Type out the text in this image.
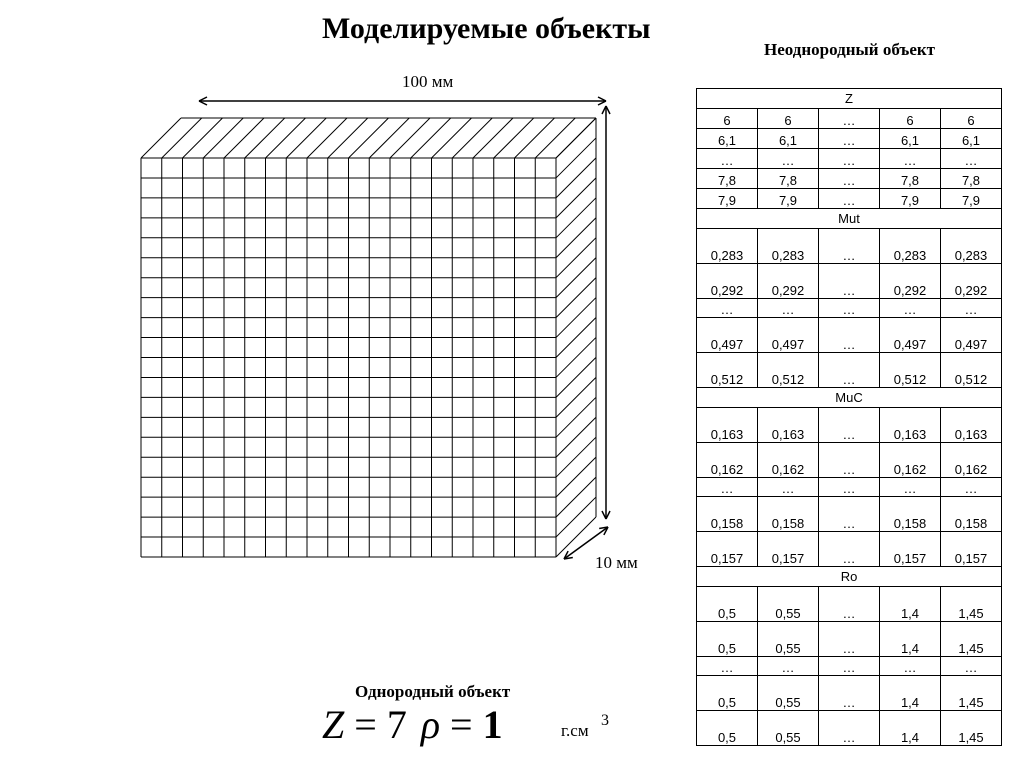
Моделируемые объекты
Неоднородный объект
100 мм
10 мм
Однородный объект
Z = 7 ρ = 1	г.см
3
Z				
6	6	…	6	6
6,1	6,1	…	6,1	6,1
…	…	…	…	…
7,8	7,8	…	7,8	7,8
7,9	7,9	…	7,9	7,9
Mut				
0,283	0,283	…	0,283	0,283
0,292	0,292	…	0,292	0,292
…	…	…	…	…
0,497	0,497	…	0,497	0,497
0,512	0,512	…	0,512	0,512
MuC				
0,163	0,163	…	0,163	0,163
0,162	0,162	…	0,162	0,162
…	…	…	…	…
0,158	0,158	…	0,158	0,158
0,157	0,157	…	0,157	0,157
Ro				
0,5	0,55	…	1,4	1,45
0,5	0,55	…	1,4	1,45
…	…	…	…	…
0,5	0,55	…	1,4	1,45
0,5	0,55	…	1,4	1,45
